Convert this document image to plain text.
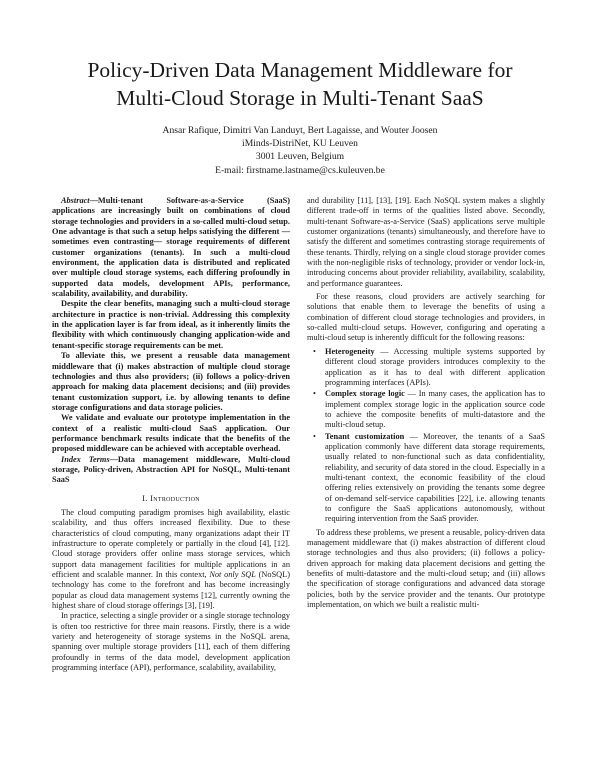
Policy-Driven Data Management Middleware for
Multi-Cloud Storage in Multi-Tenant SaaS
Ansar Rafique, Dimitri Van Landuyt, Bert Lagaisse, and Wouter Joosen
iMinds-DistriNet, KU Leuven
3001 Leuven, Belgium
E-mail: firstname.lastname@cs.kuleuven.be

Abstract—Multi-tenant Software-as-a-Service (SaaS) applications are increasingly built on combinations of cloud storage technologies and providers in a so-called multi-cloud setup. One advantage is that such a setup helps satisfying the different —sometimes even contrasting— storage requirements of different customer organizations (tenants). In such a multi-cloud environment, the application data is distributed and replicated over multiple cloud storage systems, each differing profoundly in supported data models, development APIs, performance, scalability, availability, and durability.

Despite the clear benefits, managing such a multi-cloud storage architecture in practice is non-trivial. Addressing this complexity in the application layer is far from ideal, as it inherently limits the flexibility with which continuously changing application-wide and tenant-specific storage requirements can be met.

To alleviate this, we present a reusable data management middleware that (i) makes abstraction of multiple cloud storage technologies and thus also providers; (ii) follows a policy-driven approach for making data placement decisions; and (iii) provides tenant customization support, i.e. by allowing tenants to define storage configurations and data storage policies.

We validate and evaluate our prototype implementation in the context of a realistic multi-cloud SaaS application. Our performance benchmark results indicate that the benefits of the proposed middleware can be achieved with acceptable overhead.

Index Terms—Data management middleware, Multi-cloud storage, Policy-driven, Abstraction API for NoSQL, Multi-tenant SaaS

I. Introduction

The cloud computing paradigm promises high availability, elastic scalability, and thus offers increased flexibility. Due to these characteristics of cloud computing, many organizations adapt their IT infrastructure to operate completely or partially in the cloud [4], [12]. Cloud storage providers offer online mass storage services, which support data management facilities for multiple applications in an efficient and scalable manner. In this context, Not only SQL (NoSQL) technology has come to the forefront and has become increasingly popular as cloud data management systems [12], currently owning the highest share of cloud storage offerings [3], [19].

In practice, selecting a single provider or a single storage technology is often too restrictive for three main reasons. Firstly, there is a wide variety and heterogeneity of storage systems in the NoSQL arena, spanning over multiple storage providers [11], each of them differing profoundly in terms of the data model, development application programming interface (API), performance, scalability, availability,

and durability [11], [13], [19]. Each NoSQL system makes a slightly different trade-off in terms of the qualities listed above. Secondly, multi-tenant Software-as-a-Service (SaaS) applications serve multiple customer organizations (tenants) simultaneously, and therefore have to satisfy the different and sometimes contrasting storage requirements of these tenants. Thirdly, relying on a single cloud storage provider comes with the non-negligible risks of technology, provider or vendor lock-in, introducing concerns about provider reliability, availability, scalability, and performance guarantees.

For these reasons, cloud providers are actively searching for solutions that enable them to leverage the benefits of using a combination of different cloud storage technologies and providers, in so-called multi-cloud setups. However, configuring and operating a multi-cloud setup is inherently difficult for the following reasons:

• Heterogeneity — Accessing multiple systems supported by different cloud storage providers introduces complexity to the application as it has to deal with different application programming interfaces (APIs).
• Complex storage logic — In many cases, the application has to implement complex storage logic in the application source code to achieve the composite benefits of multi-datastore and the multi-cloud setup.
• Tenant customization — Moreover, the tenants of a SaaS application commonly have different data storage requirements, usually related to non-functional such as data confidentiality, reliability, and security of data stored in the cloud. Especially in a multi-tenant context, the economic feasibility of the cloud offering relies extensively on providing the tenants some degree of on-demand self-service capabilities [22], i.e. allowing tenants to configure the SaaS applications autonomously, without requiring intervention from the SaaS provider.

To address these problems, we present a reusable, policy-driven data management middleware that (i) makes abstraction of different cloud storage technologies and thus also providers; (ii) follows a policy-driven approach for making data placement decisions and getting the benefits of multi-datastore and the multi-cloud setup; and (iii) allows the specification of storage configurations and advanced data storage policies, both by the service provider and the tenants. Our prototype implementation, on which we built a realistic multi-
